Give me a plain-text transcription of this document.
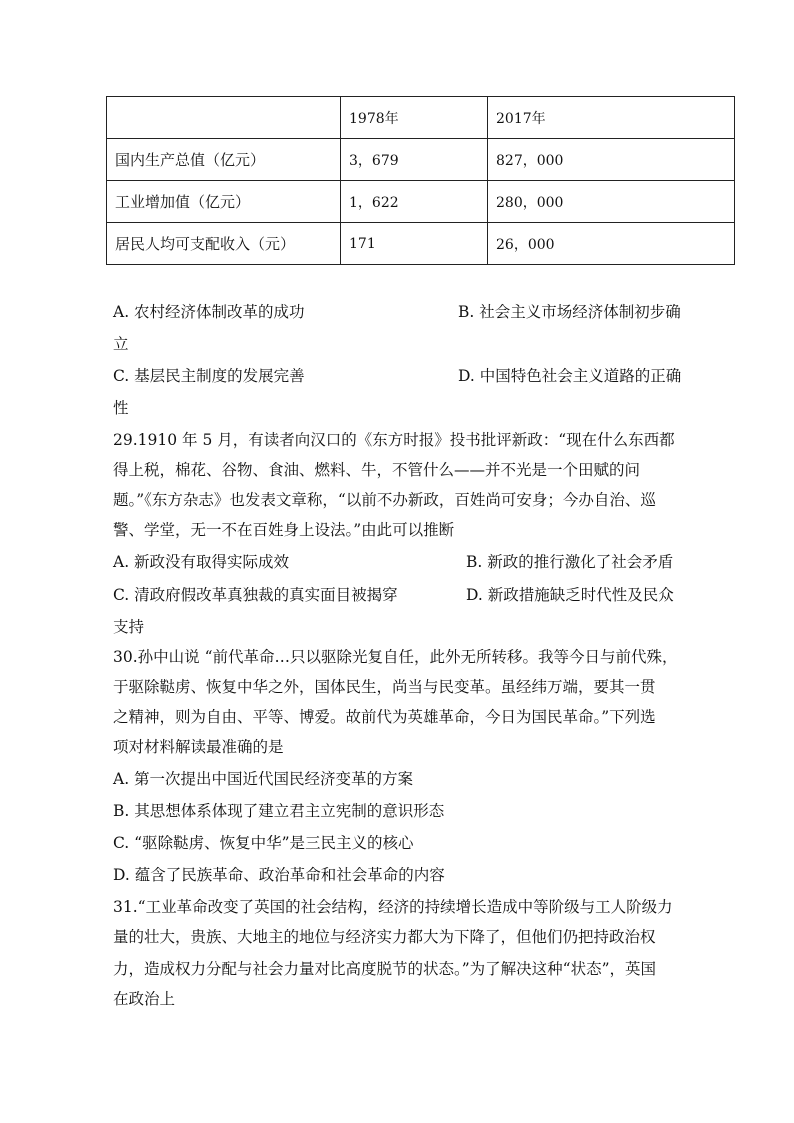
	1978年	2017年
国内生产总值（亿元）	3，679	827，000
工业增加值（亿元）	1，622	280，000
居民人均可支配收入（元）	171	26，000
A. 农村经济体制改革的成功	B. 社会主义市场经济体制初步确
立
C. 基层民主制度的发展完善	D. 中国特色社会主义道路的正确
性
29.1910 年 5 月，有读者向汉口的《东方时报》投书批评新政：“现在什么东西都
得上税，棉花、谷物、食油、燃料、牛，不管什么——并不光是一个田赋的问
题。”《东方杂志》也发表文章称，“以前不办新政，百姓尚可安身；今办自治、巡
警、学堂，无一不在百姓身上设法。”由此可以推断
A. 新政没有取得实际成效	B. 新政的推行激化了社会矛盾
C. 清政府假改革真独裁的真实面目被揭穿	D. 新政措施缺乏时代性及民众
支持
30.孙中山说 “前代革命…只以驱除光复自任，此外无所转移。我等今日与前代殊，
于驱除鞑虏、恢复中华之外，国体民生，尚当与民变革。虽经纬万端，要其一贯
之精神，则为自由、平等、博爱。故前代为英雄革命，今日为国民革命。”下列选
项对材料解读最准确的是
A. 第一次提出中国近代国民经济变革的方案
B. 其思想体系体现了建立君主立宪制的意识形态
C. “驱除鞑虏、恢复中华”是三民主义的核心
D. 蕴含了民族革命、政治革命和社会革命的内容
31.“工业革命改变了英国的社会结构，经济的持续增长造成中等阶级与工人阶级力
量的壮大，贵族、大地主的地位与经济实力都大为下降了，但他们仍把持政治权
力，造成权力分配与社会力量对比高度脱节的状态。”为了解决这种“状态”，英国
在政治上
